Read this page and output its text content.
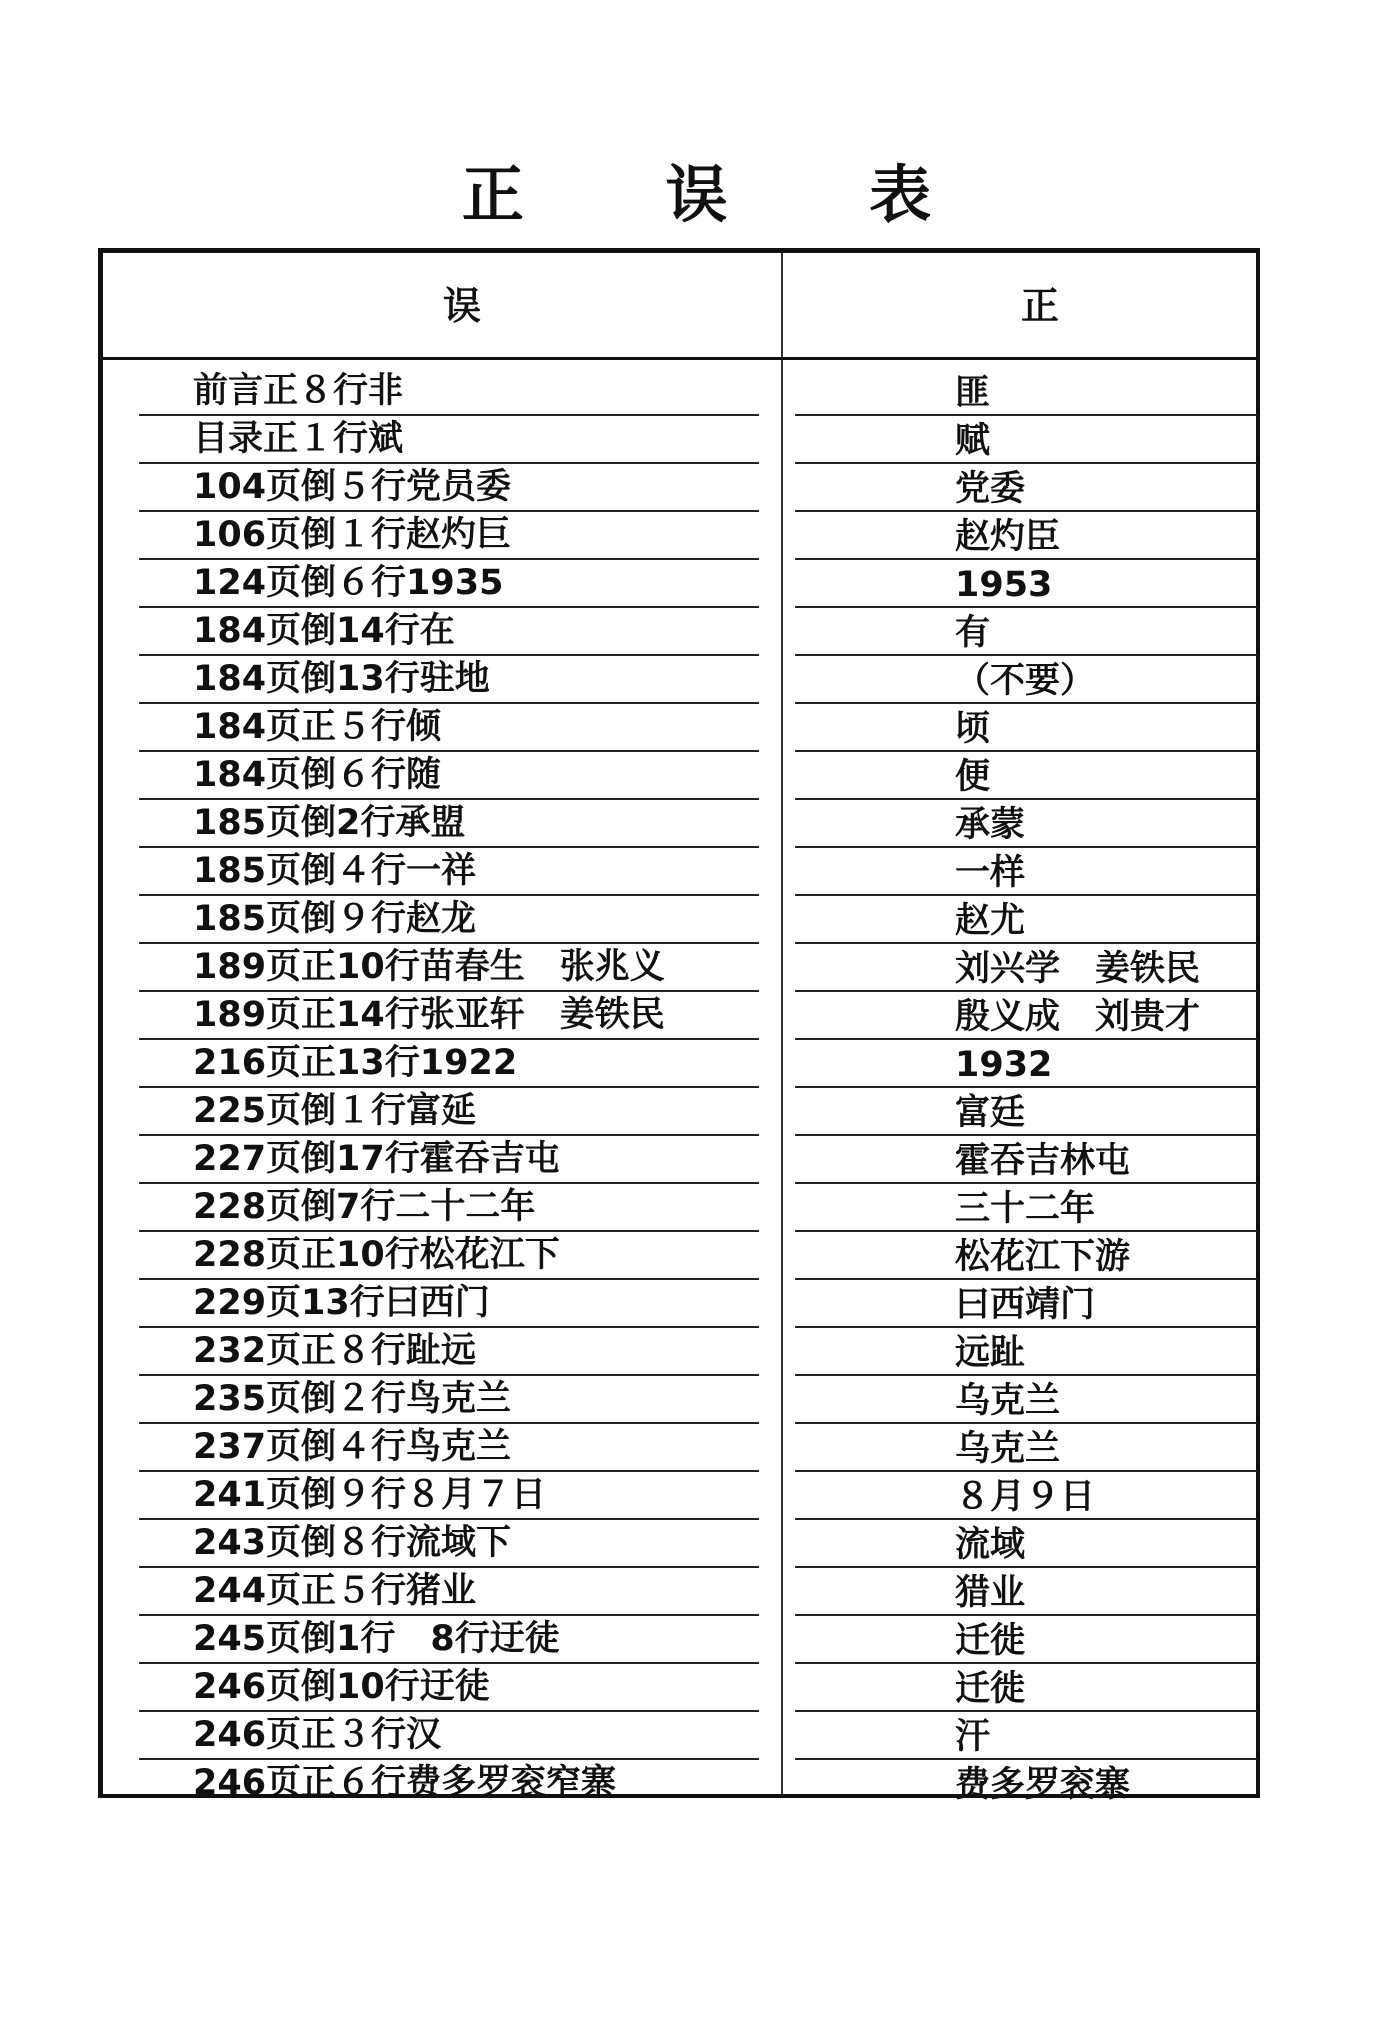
正 误 表
误	正
前言正８行非	匪
目录正１行斌	赋
104页倒５行党员委	党委
106页倒１行赵灼巨	赵灼臣
124页倒６行1935	1953
184页倒14行在	有
184页倒13行驻地	（不要）
184页正５行倾	顷
184页倒６行随	便
185页倒2行承盟	承蒙
185页倒４行一祥	一样
185页倒９行赵龙	赵尤
189页正10行苗春生　张兆义	刘兴学　姜铁民
189页正14行张亚轩　姜铁民	殷义成　刘贵才
216页正13行1922	1932
225页倒１行富延	富廷
227页倒17行霍吞吉屯	霍吞吉林屯
228页倒7行二十二年	三十二年
228页正10行松花江下	松花江下游
229页13行曰西门	曰西靖门
232页正８行趾远	远趾
235页倒２行鸟克兰	乌克兰
237页倒４行鸟克兰	乌克兰
241页倒９行８月７日	８月９日
243页倒８行流域下	流域
244页正５行猪业	猎业
245页倒1行　8行迂徒	迁徙
246页倒10行迂徒	迁徙
246页正３行汉	汗
246页正６行费多罗衮窄寨	费多罗衮寨
